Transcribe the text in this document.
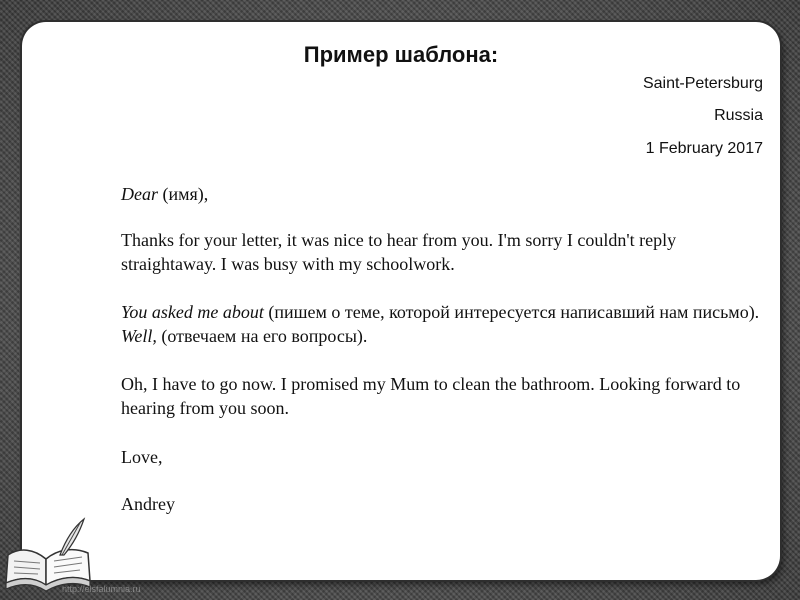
Пример шаблона:
Saint-Petersburg
Russia
1 February 2017
Dear (имя),
Thanks for your letter, it was nice to hear from you. I'm sorry I couldn't reply straightaway. I was busy with my schoolwork.
You asked me about (пишем о теме, которой интересуется написавший нам письмо). Well, (отвечаем на его вопросы).
Oh, I have to go now. I promised my Mum to clean the bathroom. Looking forward to hearing from you soon.
Love,
Andrey
http://elsfalumnia.ru
